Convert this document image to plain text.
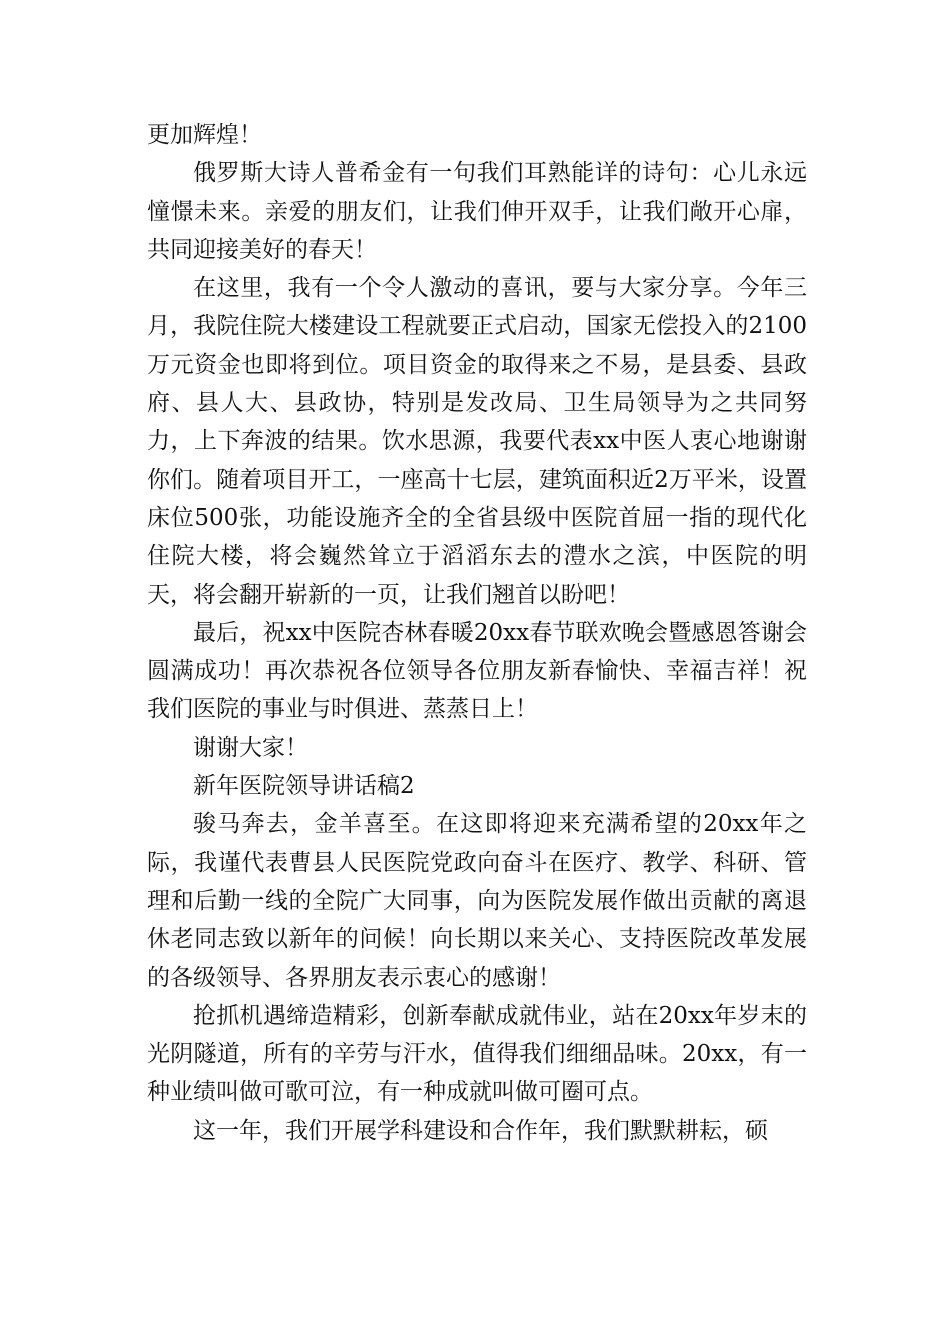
更加辉煌！

俄罗斯大诗人普希金有一句我们耳熟能详的诗句：心儿永远憧憬未来。亲爱的朋友们，让我们伸开双手，让我们敞开心扉，共同迎接美好的春天！

在这里，我有一个令人激动的喜讯，要与大家分享。今年三月，我院住院大楼建设工程就要正式启动，国家无偿投入的2100万元资金也即将到位。项目资金的取得来之不易，是县委、县政府、县人大、县政协，特别是发改局、卫生局领导为之共同努力，上下奔波的结果。饮水思源，我要代表xx中医人衷心地谢谢你们。随着项目开工，一座高十七层，建筑面积近2万平米，设置床位500张，功能设施齐全的全省县级中医院首屈一指的现代化住院大楼，将会巍然耸立于滔滔东去的澧水之滨，中医院的明天，将会翻开崭新的一页，让我们翘首以盼吧！

最后，祝xx中医院杏林春暖20xx春节联欢晚会暨感恩答谢会圆满成功！再次恭祝各位领导各位朋友新春愉快、幸福吉祥！祝我们医院的事业与时俱进、蒸蒸日上！

谢谢大家！

新年医院领导讲话稿2

骏马奔去，金羊喜至。在这即将迎来充满希望的20xx年之际，我谨代表曹县人民医院党政向奋斗在医疗、教学、科研、管理和后勤一线的全院广大同事，向为医院发展作做出贡献的离退休老同志致以新年的问候！向长期以来关心、支持医院改革发展的各级领导、各界朋友表示衷心的感谢！

抢抓机遇缔造精彩，创新奉献成就伟业，站在20xx年岁末的光阴隧道，所有的辛劳与汗水，值得我们细细品味。20xx，有一种业绩叫做可歌可泣，有一种成就叫做可圈可点。

这一年，我们开展学科建设和合作年，我们默默耕耘，硕
